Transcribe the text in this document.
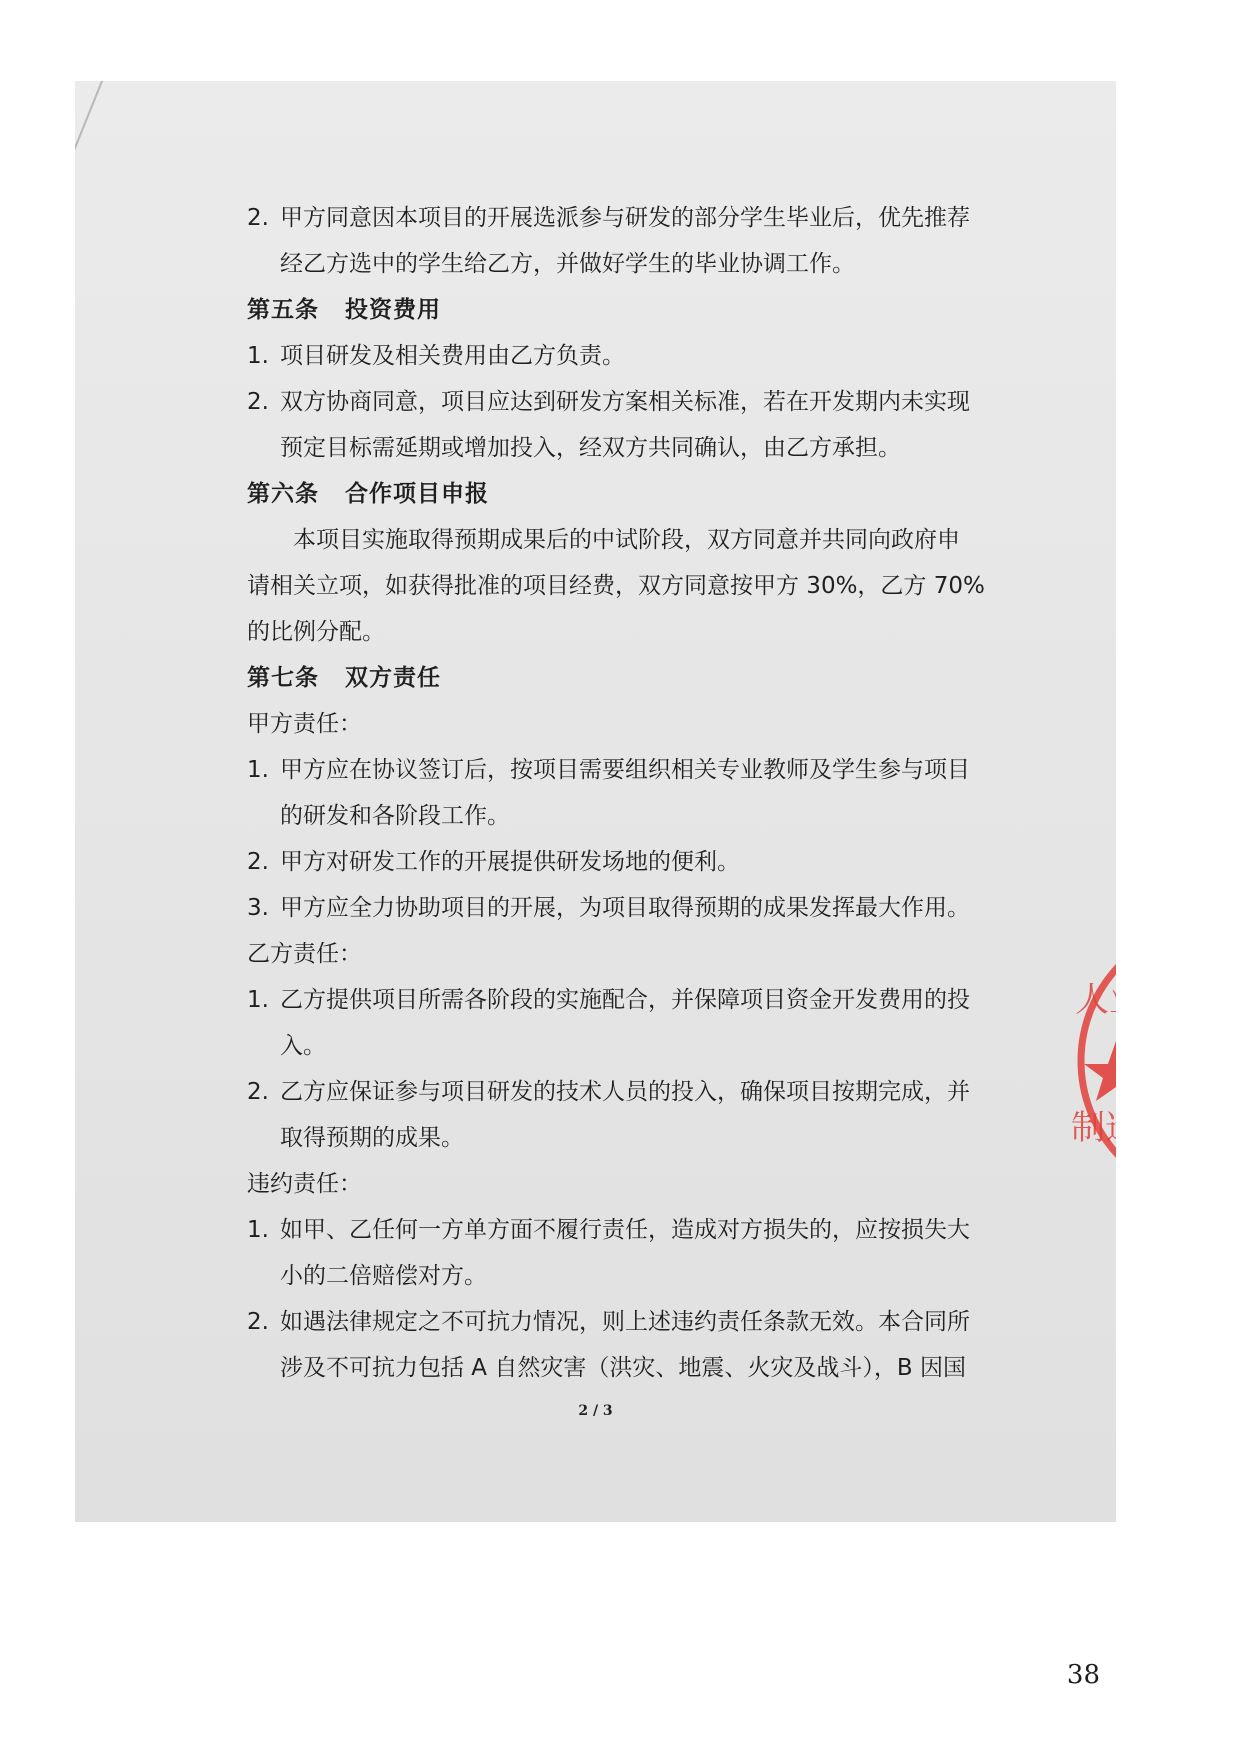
2. 甲方同意因本项目的开展选派参与研发的部分学生毕业后，优先推荐
经乙方选中的学生给乙方，并做好学生的毕业协调工作。
第五条 投资费用
1. 项目研发及相关费用由乙方负责。
2. 双方协商同意，项目应达到研发方案相关标准，若在开发期内未实现
预定目标需延期或增加投入，经双方共同确认，由乙方承担。
第六条 合作项目申报
本项目实施取得预期成果后的中试阶段，双方同意并共同向政府申
请相关立项，如获得批准的项目经费，双方同意按甲方 30%，乙方 70%
的比例分配。
第七条 双方责任
甲方责任：
1. 甲方应在协议签订后，按项目需要组织相关专业教师及学生参与项目
的研发和各阶段工作。
2. 甲方对研发工作的开展提供研发场地的便利。
3. 甲方应全力协助项目的开展，为项目取得预期的成果发挥最大作用。
乙方责任：
1. 乙方提供项目所需各阶段的实施配合，并保障项目资金开发费用的投
入。
2. 乙方应保证参与项目研发的技术人员的投入，确保项目按期完成，并
取得预期的成果。
违约责任：
1. 如甲、乙任何一方单方面不履行责任，造成对方损失的，应按损失大
小的二倍赔偿对方。
2. 如遇法律规定之不可抗力情况，则上述违约责任条款无效。本合同所
涉及不可抗力包括 A 自然灾害（洪灾、地震、火灾及战斗），B 因国
2 / 3
人业
制造
38
